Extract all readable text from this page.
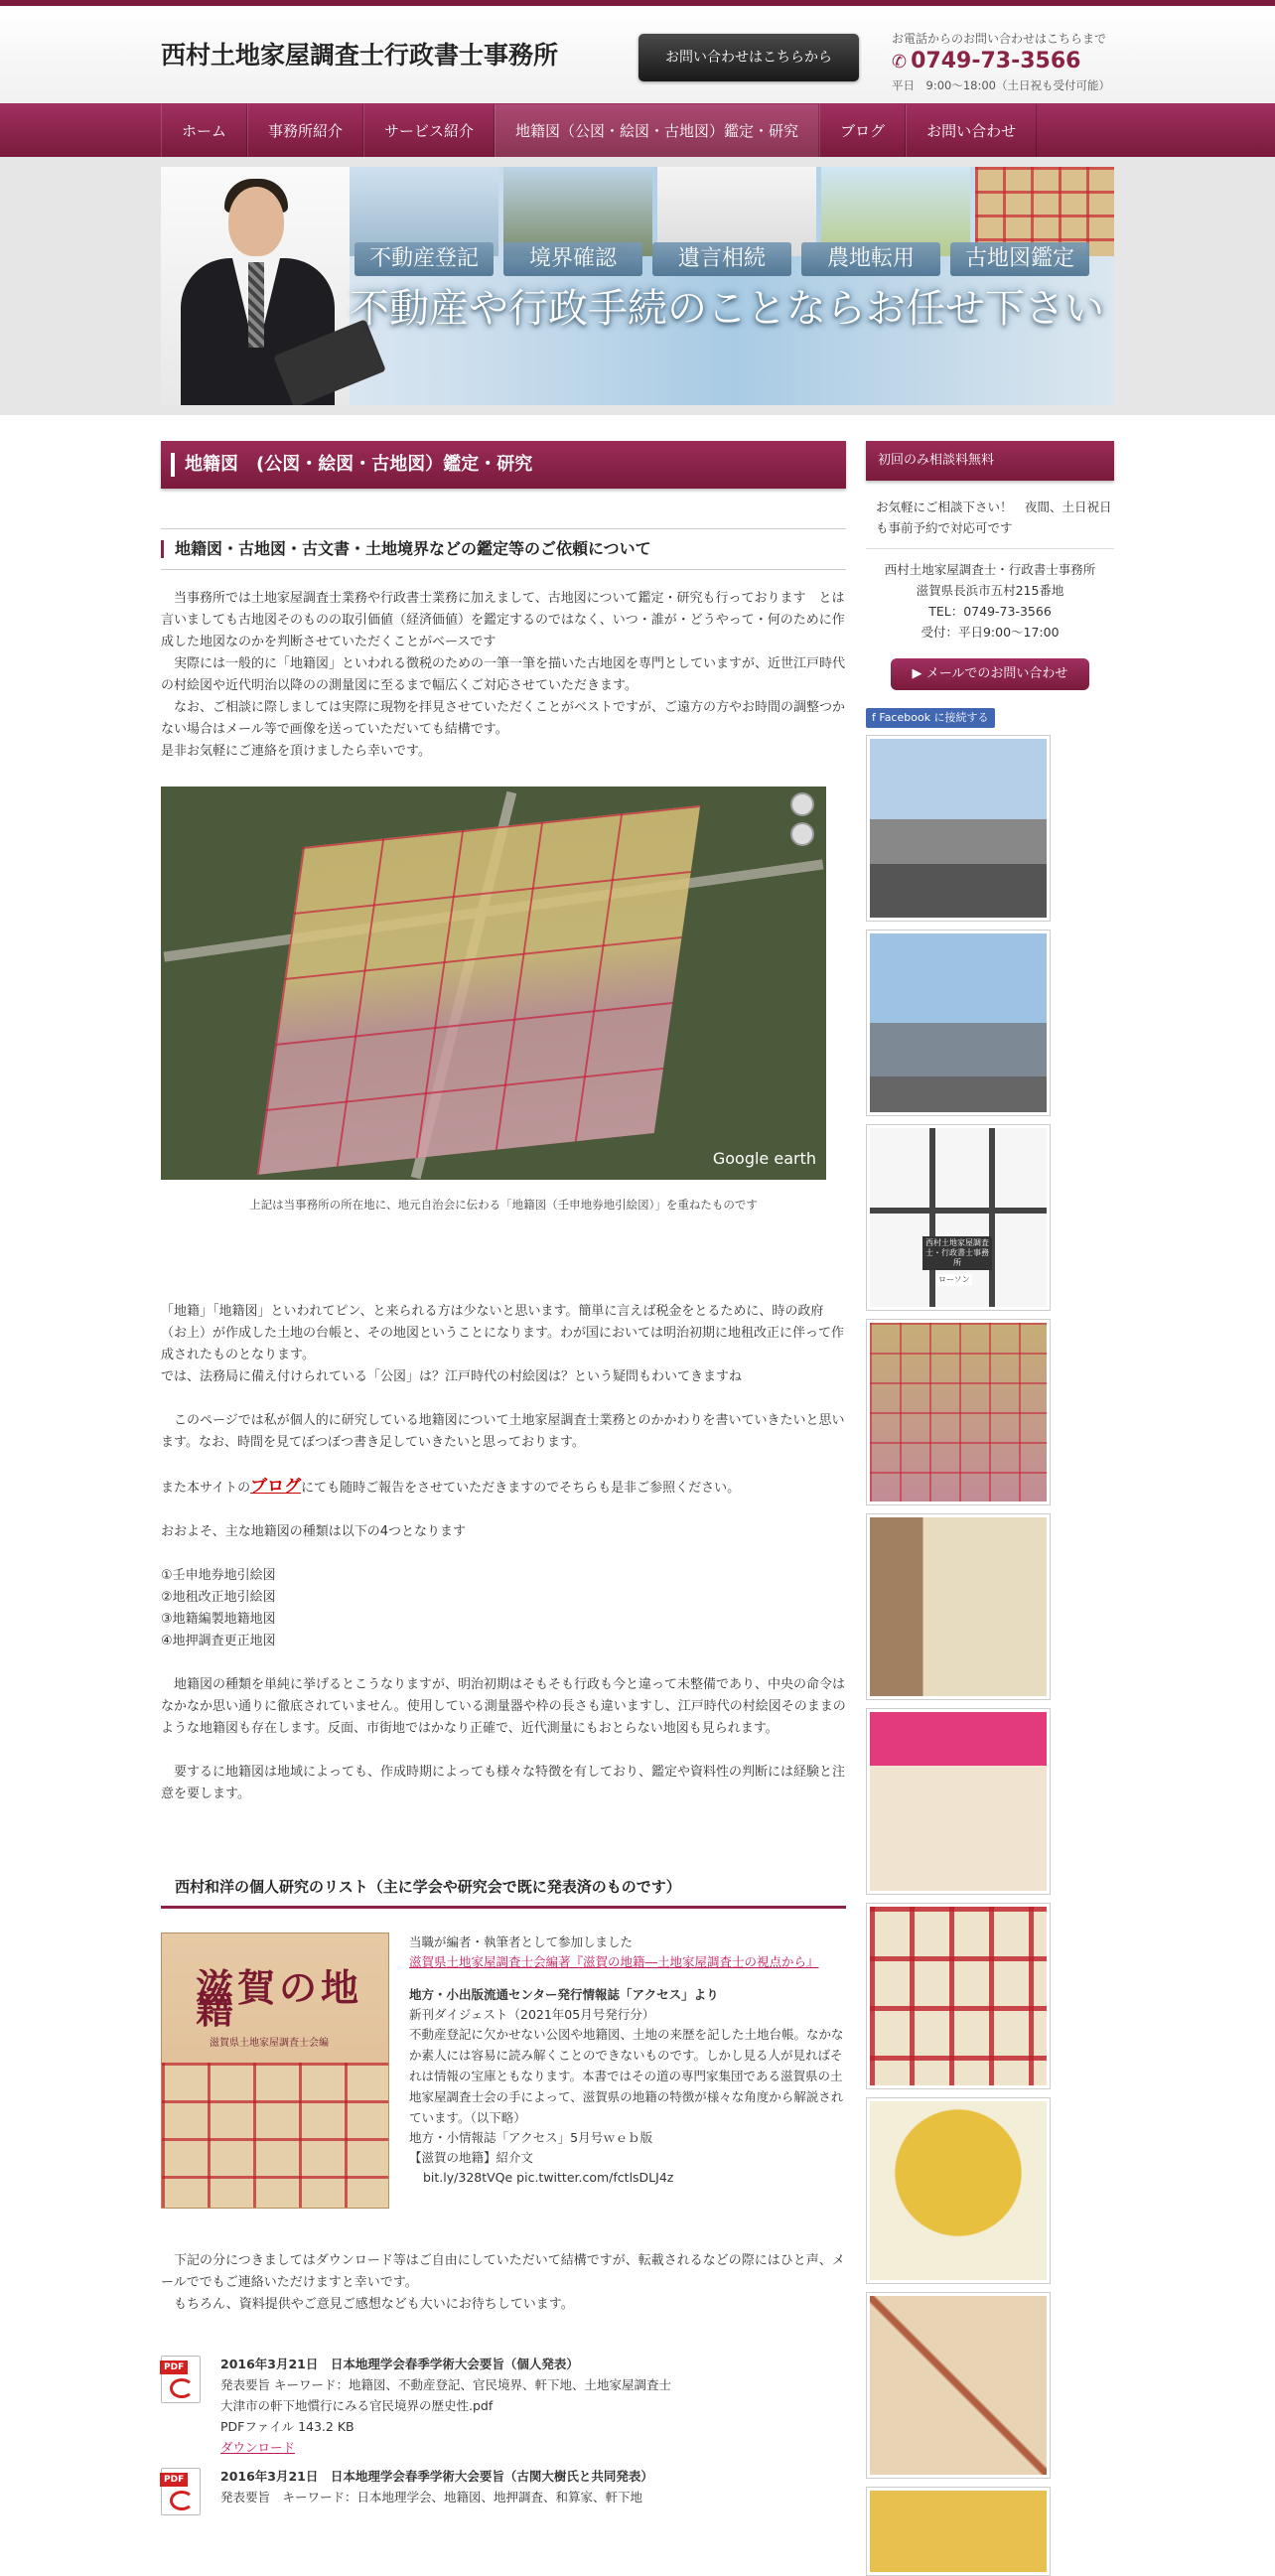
西村土地家屋調査士行政書士事務所	お問い合わせはこちらから
お電話からのお問い合わせはこちらまで
✆ 0749-73-3566
平日　9:00〜18:00（土日祝も受付可能）
ホーム	事務所紹介	サービス紹介	地籍図（公図・絵図・古地図）鑑定・研究	ブログ	お問い合わせ
不動産登記	境界確認	遺言相続	農地転用	古地図鑑定
不動産や行政手続のことならお任せ下さい
地籍図　(公図・絵図・古地図）鑑定・研究
地籍図・古地図・古文書・土地境界などの鑑定等のご依頼について

　当事務所では土地家屋調査士業務や行政書士業務に加えまして、古地図について鑑定・研究も行っております　とは言いましても古地図そのものの取引価値（経済価値）を鑑定するのではなく、いつ・誰が・どうやって・何のために作成した地図なのかを判断させていただくことがベースです

　実際には一般的に「地籍図」といわれる徴税のための一筆一筆を描いた古地図を専門としていますが、近世江戸時代の村絵図や近代明治以降のの測量図に至るまで幅広くご対応させていただきます。

　なお、ご相談に際しましては実際に現物を拝見させていただくことがベストですが、ご遠方の方やお時間の調整つかない場合はメール等で画像を送っていただいても結構です。

是非お気軽にご連絡を頂けましたら幸いです。

Google earth
上記は当事務所の所在地に、地元自治会に伝わる「地籍図（壬申地券地引絵図）」を重ねたものです

「地籍」「地籍図」といわれてピン、と来られる方は少ないと思います。簡単に言えば税金をとるために、時の政府（お上）が作成した土地の台帳と、その地図ということになります。わが国においては明治初期に地租改正に伴って作成されたものとなります。

では、法務局に備え付けられている「公図」は？江戸時代の村絵図は？という疑問もわいてきますね

　このページでは私が個人的に研究している地籍図について土地家屋調査士業務とのかかわりを書いていきたいと思います。なお、時間を見てぼつぼつ書き足していきたいと思っております。

また本サイトのブログにても随時ご報告をさせていただきますのでそちらも是非ご参照ください。

おおよそ、主な地籍図の種類は以下の4つとなります

①壬申地券地引絵図

②地租改正地引絵図

③地籍編製地籍地図

④地押調査更正地図

　地籍図の種類を単純に挙げるとこうなりますが、明治初期はそもそも行政も今と違って未整備であり、中央の命令はなかなか思い通りに徹底されていません。使用している測量器や枠の長さも違いますし、江戸時代の村絵図そのままのような地籍図も存在します。反面、市街地ではかなり正確で、近代測量にもおとらない地図も見られます。

　要するに地籍図は地域によっても、作成時期によっても様々な特徴を有しており、鑑定や資料性の判断には経験と注意を要します。

西村和洋の個人研究のリスト（主に学会や研究会で既に発表済のものです）
滋賀の地籍
滋賀県土地家屋調査士会編
当職が編者・執筆者として参加しました
滋賀県土地家屋調査士会編著『滋賀の地籍―土地家屋調査士の視点から』
地方・小出版流通センター発行情報誌「アクセス」より
新刊ダイジェスト（2021年05月号発行分）
不動産登記に欠かせない公図や地籍図、土地の来歴を記した土地台帳。なかなか素人には容易に読み解くことのできないものです。しかし見る人が見ればそれは情報の宝庫ともなります。本書ではその道の専門家集団である滋賀県の土地家屋調査士会の手によって、滋賀県の地籍の特徴が様々な角度から解説されています。（以下略）
地方・小情報誌「アクセス」5月号ｗｅｂ版
【滋賀の地籍】紹介文
bit.ly/328tVQe pic.twitter.com/fctlsDLJ4z

　下記の分につきましてはダウンロード等はご自由にしていただいて結構ですが、転載されるなどの際にはひと声、メールででもご連絡いただけますと幸いです。

　もちろん、資料提供やご意見ご感想なども大いにお待ちしています。

PDF	2016年3月21日　日本地理学会春季学術大会要旨（個人発表）
発表要旨 キーワード：地籍図、不動産登記、官民境界、軒下地、土地家屋調査士
大津市の軒下地慣行にみる官民境界の歴史性.pdf
PDFファイル 143.2 KB
ダウンロード
PDF	2016年3月21日　日本地理学会春季学術大会要旨（古関大樹氏と共同発表）
発表要旨　キーワード：日本地理学会、地籍図、地押調査、和算家、軒下地
初回のみ相談料無料

お気軽にご相談下さい！　夜間、土日祝日も事前予約で対応可です

西村土地家屋調査士・行政書士事務所

滋賀県長浜市五村215番地

TEL：0749-73-3566

受付：平日9:00〜17:00

▶ メールでのお問い合わせ
f Facebook に接続する
西村土地家屋調査士・行政書士事務所
ローソン
